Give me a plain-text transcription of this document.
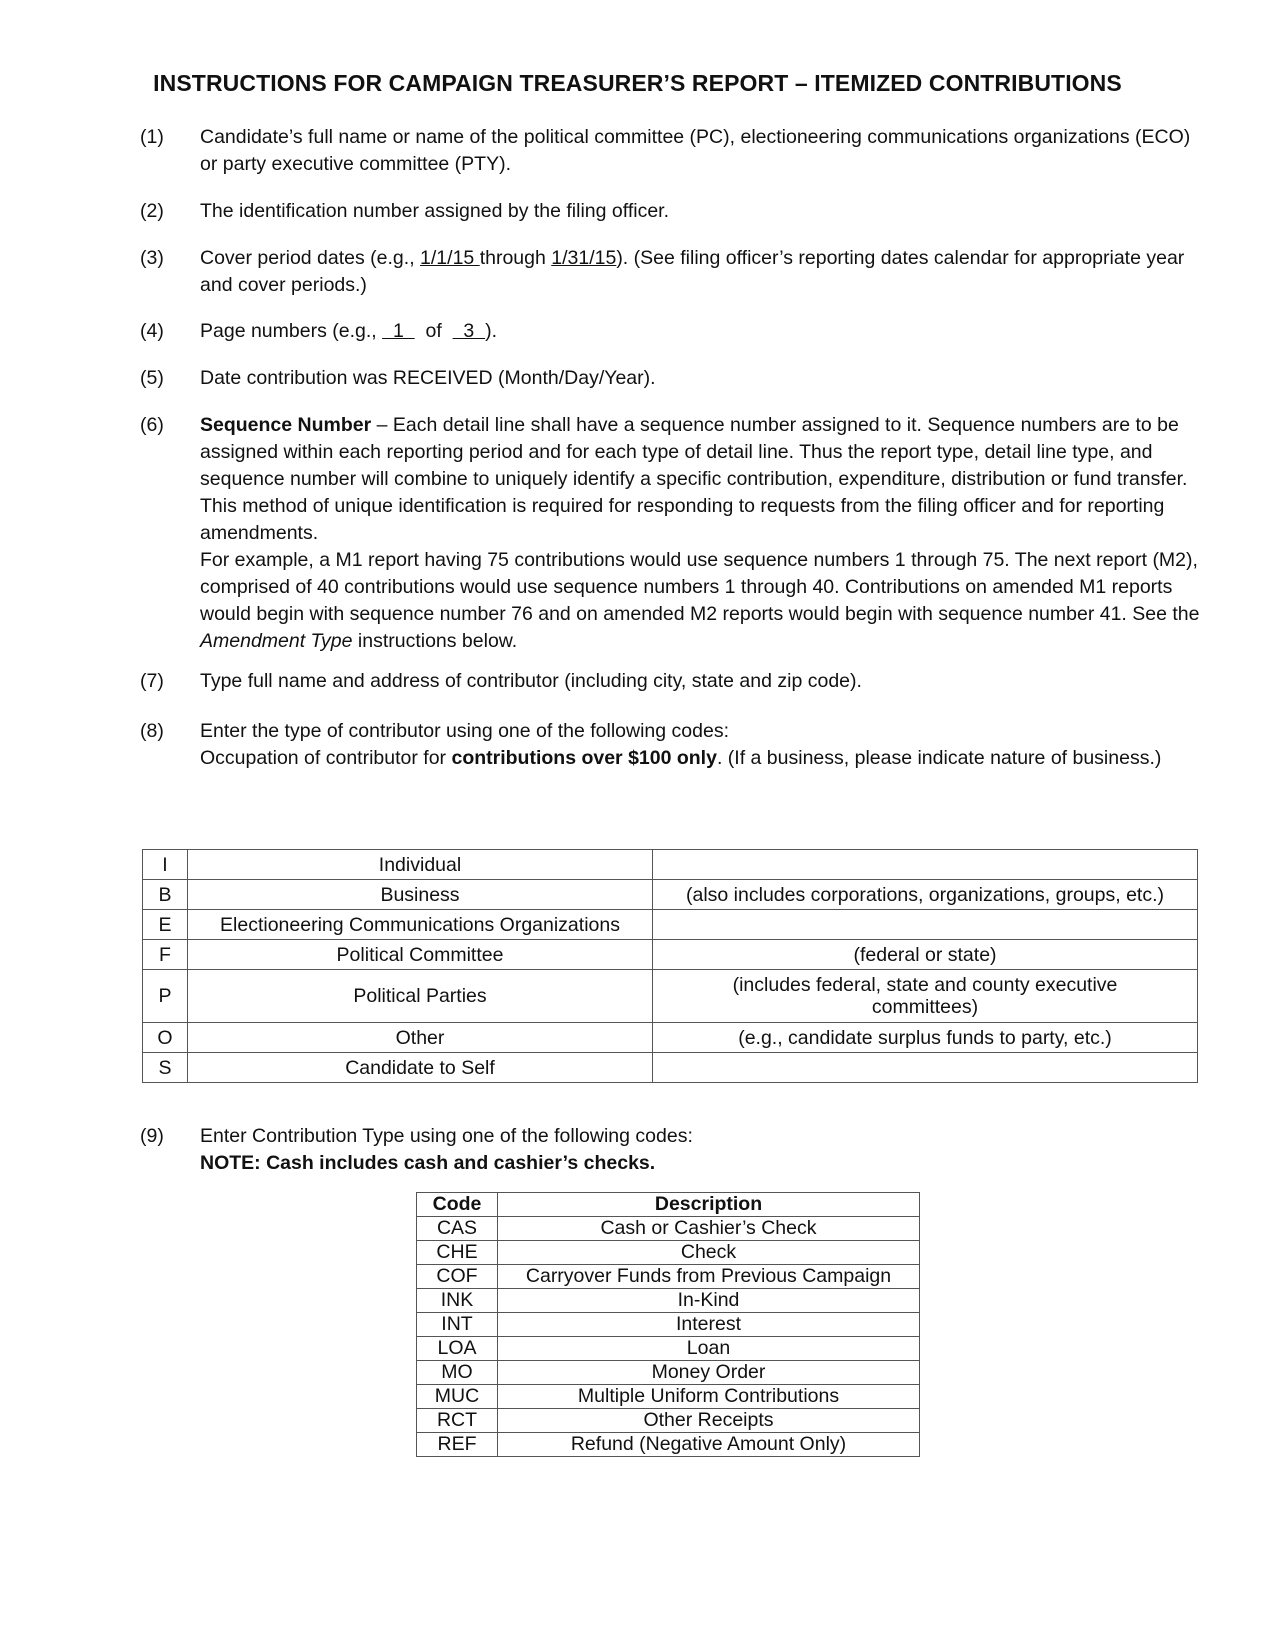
INSTRUCTIONS FOR CAMPAIGN TREASURER’S REPORT – ITEMIZED CONTRIBUTIONS
(1) Candidate’s full name or name of the political committee (PC), electioneering communications organizations (ECO) or party executive committee (PTY).
(2) The identification number assigned by the filing officer.
(3) Cover period dates (e.g., 1/1/15 through 1/31/15). (See filing officer’s reporting dates calendar for appropriate year and cover periods.)
(4) Page numbers (e.g.,   1    of    3  ).
(5) Date contribution was RECEIVED (Month/Day/Year).
(6) Sequence Number – Each detail line shall have a sequence number assigned to it. Sequence numbers are to be assigned within each reporting period and for each type of detail line. Thus the report type, detail line type, and sequence number will combine to uniquely identify a specific contribution, expenditure, distribution or fund transfer. This method of unique identification is required for responding to requests from the filing officer and for reporting amendments.
For example, a M1 report having 75 contributions would use sequence numbers 1 through 75. The next report (M2), comprised of 40 contributions would use sequence numbers 1 through 40. Contributions on amended M1 reports would begin with sequence number 76 and on amended M2 reports would begin with sequence number 41. See the Amendment Type instructions below.
(7) Type full name and address of contributor (including city, state and zip code).
(8) Enter the type of contributor using one of the following codes:
Occupation of contributor for contributions over $100 only. (If a business, please indicate nature of business.)
I	Individual	
B	Business	(also includes corporations, organizations, groups, etc.)
E	Electioneering Communications Organizations	
F	Political Committee	(federal or state)
P	Political Parties	(includes federal, state and county executive committees)
O	Other	(e.g., candidate surplus funds to party, etc.)
S	Candidate to Self	
(9) Enter Contribution Type using one of the following codes:
NOTE: Cash includes cash and cashier’s checks.
Code	Description
CAS	Cash or Cashier’s Check
CHE	Check
COF	Carryover Funds from Previous Campaign
INK	In-Kind
INT	Interest
LOA	Loan
MO	Money Order
MUC	Multiple Uniform Contributions
RCT	Other Receipts
REF	Refund (Negative Amount Only)
